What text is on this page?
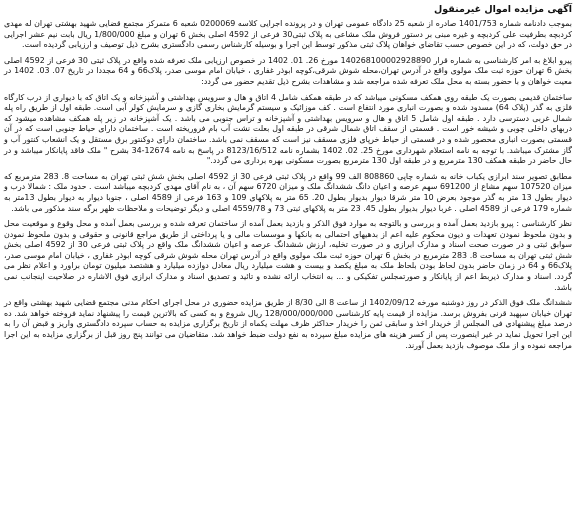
آگهی مزایده اموال غیرمنقول

بموجب دادنامه شماره 1401/753 صادره از شعبه 25 دادگاه عمومی تهران و در پرونده اجرایی کلاسه 0200069 شعبه 6 متمرکز مجتمع قضایی شهید بهشتی تهران له مهدی کردبچه بطرفیت علی کردبچه و غیره مبنی بر دستور فروش ملک مشاعی به پلاک ثبتی30 فرعی از 4592 اصلی بخش 6 تهران و مبلغ 1/800/000 ریال بابت نیم عشر اجرایی در حق دولت، که در این خصوص حسب تقاضای خواهان پلاک ثبتی مذکور توسط این اجرا و بوسیله کارشناس رسمی دادگستری بشرح ذیل توصیف و ارزیابی گردیده است.

پیرو ابلاغ به امر کارشناسی به شماره قرار 140268100002928890 مورخ 26. 01. 1402 در خصوص ارزیابی ملک تعرفه شده واقع در پلاک ثبتی 30 فرعی از 4592 اصلی بخش 6 تهران حوزه ثبت ملک مولوی واقع در آدرس تهران،محله شوش شرقی،کوچه ابوذر غفاری ، خیابان امام موسی صدر، پلاک66 و 64 مجددا در تاریخ 07. 03. 1402 در معیت خواهان و با حضور بسته به محل ملک تعرفه شده مراجعه شد و مشاهدات بشرح ذیل تقدیم حضور می گردد:

ساختمان قدیمی بصورت یک طبقه روی همکف مسکونی میباشد که در طبقه همکف شامل 4 اتاق و هال و سرویس بهداشتی و آشپزخانه و یک اتاق که با دیواری از درب کارگاه فلزی به گذر (پلاک 64) مسدود شده و بصورت انباری مورد انتفاع است . کف موزائیک و سیستم گرمایش بخاری گازی و سرمایش کولر آبی است. طبقه اول از طریق راه پله شمال غربی دسترسی دارد . طبقه اول شامل 5 اتاق و هال و سرویس بهداشتی و آشپزخانه و تراس جنوبی می باشد . یک آشپزخانه در زیر پله همکف مشاهده میشود که دربهای داخلی چوبی و شیشه خور است . قسمتی از سقف اتاق شمال شرقی در طبقه اول بعلت نشت آب بام فروریخته است . ساختمان دارای حیاط جنوبی است که در آن قسمتی بصورت انباری محصور شده و در قسمتی از حیاط خرپای فلزی مسقف نیز است که مسقف نمی باشد. ساختمان دارای دوکنتور برق مستقل و یک انشعاب کنتور آب و گاز مشترک میباشد. با توجه به نامه استعلام شهرداری مورخ 25. 02. 1402 بشماره نامه 8123/16/512 در پاسخ به نامه 12674-34 بشرح " ملک فاقد پایانکار میباشد و در حال حاضر در طبقه همکف 130 مترمربع و در طبقه اول 130 مترمربع بصورت مسکونی بهره برداری می گردد."

مطابق تصویر سند ابرازی یکباب خانه به شماره چاپی 808860 الف 99 واقع در پلاک ثبتی فرعی 30 از 4592 اصلی بخش شش ثبتی تهران به مساحت 8. 283 مترمربع که میزان 107520 سهم مشاع از 691200 سهم عرصه و اعیان دانگ ششدانگ ملک و میزان 6720 سهم آن ، به نام آقای مهدی کردبچه میباشد است . حدود ملک : شمالا درب و دیوار بطول 13 متر به گذر موجود بعرض 10 متر شرقا دیوار بدیوار بطول 20. 65 متر به پلاکهای 109 و 163 فرعی از 4589 اصلی ، جنوبا دیوار به دیوار بطول 13متر به شماره 179 فرعی از 4589 اصلی . غربا دیوار بدیوار بطول 45. 23 متر به پلاکهای ثبتی 73 و 4559/78 اصلی و دیگر توضیحات و ملاحظات ظهر برگه سند مذکور می باشد.

نظر کارشناسی : پیرو بازدید بعمل آمده و بررسی و بالتوجه به موارد فوق الذکر و بازدید بعمل آمده از ساختمان تعرفه شده و بررسی بعمل آمده و محل وقوع و موقعیت محل و بدون ملحوظ نمودن تعهدات و دیون محکوم علیه اعم از بدهیهای احتمالی به بانکها و موسسات مالی و یا پرداختی از طریق مراجع قانونی و حقوقی و بدون ملحوظ نمودن سوابق ثبتی و در صورت صحت اسناد و مدارک ابرازی و در صورت تخلیه، ارزش ششدانگ عرصه و اعیان ششدانگ ملک واقع در پلاک ثبتی فرعی 30 از 4592 اصلی بخش شش ثبتی تهران به مساحت 8. 283 مترمربع در بخش 6 تهران حوزه ثبت ملک مولوی واقع در آدرس تهران محله شوش شرقی کوچه ابوذر غفاری ، خیابان امام موسی صدر، پلاک66 و 64 در زمان حاضر بدون لحاظ بودن بلحاظ ملک به مبلغ یکصد و بیست و هشت میلیارد ریال معادل دوازده میلیارد و هشتصد میلیون تومان براورد و اعلام نظر می گردد. اسناد و مدارک ذیربط اعم از پایانکار و صورتمجلس تفکیکی و ... به انتخاب ارائه نشده و تائید و تصدیق اسناد و مدارک ابرازی فوق الاشاره در صلاحیت اینجانب نمی باشد.

ششدانگ ملک فوق الذکر در روز دوشنبه مورخه 1402/09/12 از ساعت 8 الی 8/30 از طریق مزایده حضوری در محل اجرای احکام مدنی مجتمع قضایی شهید بهشتی واقع در تهران خیابان سپهبد قرنی بفروش برسد. مزایده از قیمت پایه کارشناسی 128/000/000/000 ریال شروع و به کسی که بالاترین قیمت را پیشنهاد نماید فروخته خواهد شد. ده درصد مبلغ پیشنهادی فی المجلس از خریدار اخذ و سابقی ثمن را خریدار حداکثر ظرف مهلت یکماه از تاریخ برگزاری مزایده به حساب سپرده دادگستری واریز و قبض آن را به این اجرا تحویل نماید در غیر اینصورت پس از کسر هزینه های مزایده مبلغ سپرده به نفع دولت ضبط خواهد شد. متقاضیان می توانند پنج روز قبل از برگزاری مزایده به این اجرا مراجعه نموده و از ملک موصوف بازدید بعمل آورند.
